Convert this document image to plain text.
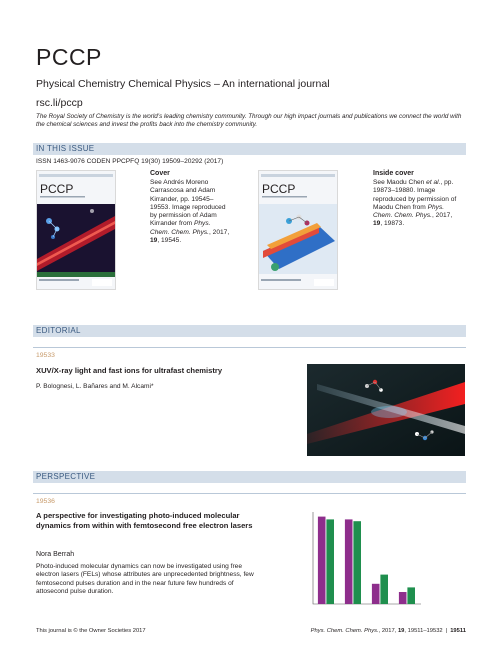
PCCP
Physical Chemistry Chemical Physics – An international journal
rsc.li/pccp
The Royal Society of Chemistry is the world’s leading chemistry community. Through our high impact journals and publications we connect the world with the chemical sciences and invest the profits back into the chemistry community.
IN THIS ISSUE
ISSN 1463-9076 CODEN PPCPFQ 19(30) 19509–20292 (2017)
PCCP
Cover
See Andrés Moreno Carrascosa and Adam Kirrander, pp. 19545–19553. Image reproduced by permission of Adam Kirrander from Phys. Chem. Chem. Phys., 2017, 19, 19545.
PCCP
Inside cover
See Maodu Chen et al., pp. 19873–19880. Image reproduced by permission of Maodu Chen from Phys. Chem. Chem. Phys., 2017, 19, 19873.
EDITORIAL
19533
XUV/X-ray light and fast ions for ultrafast chemistry
P. Bolognesi, L. Bañares and M. Alcami*
PERSPECTIVE
19536
A perspective for investigating photo-induced molecular dynamics from within with femtosecond free electron lasers
Nora Berrah
Photo-induced molecular dynamics can now be investigated using free electron lasers (FELs) whose attributes are unprecedented brightness, few femtosecond pulses duration and in the near future few hundreds of attosecond pulse duration.
This journal is © the Owner Societies 2017	Phys. Chem. Chem. Phys., 2017, 19, 19511–19532 | 19511
